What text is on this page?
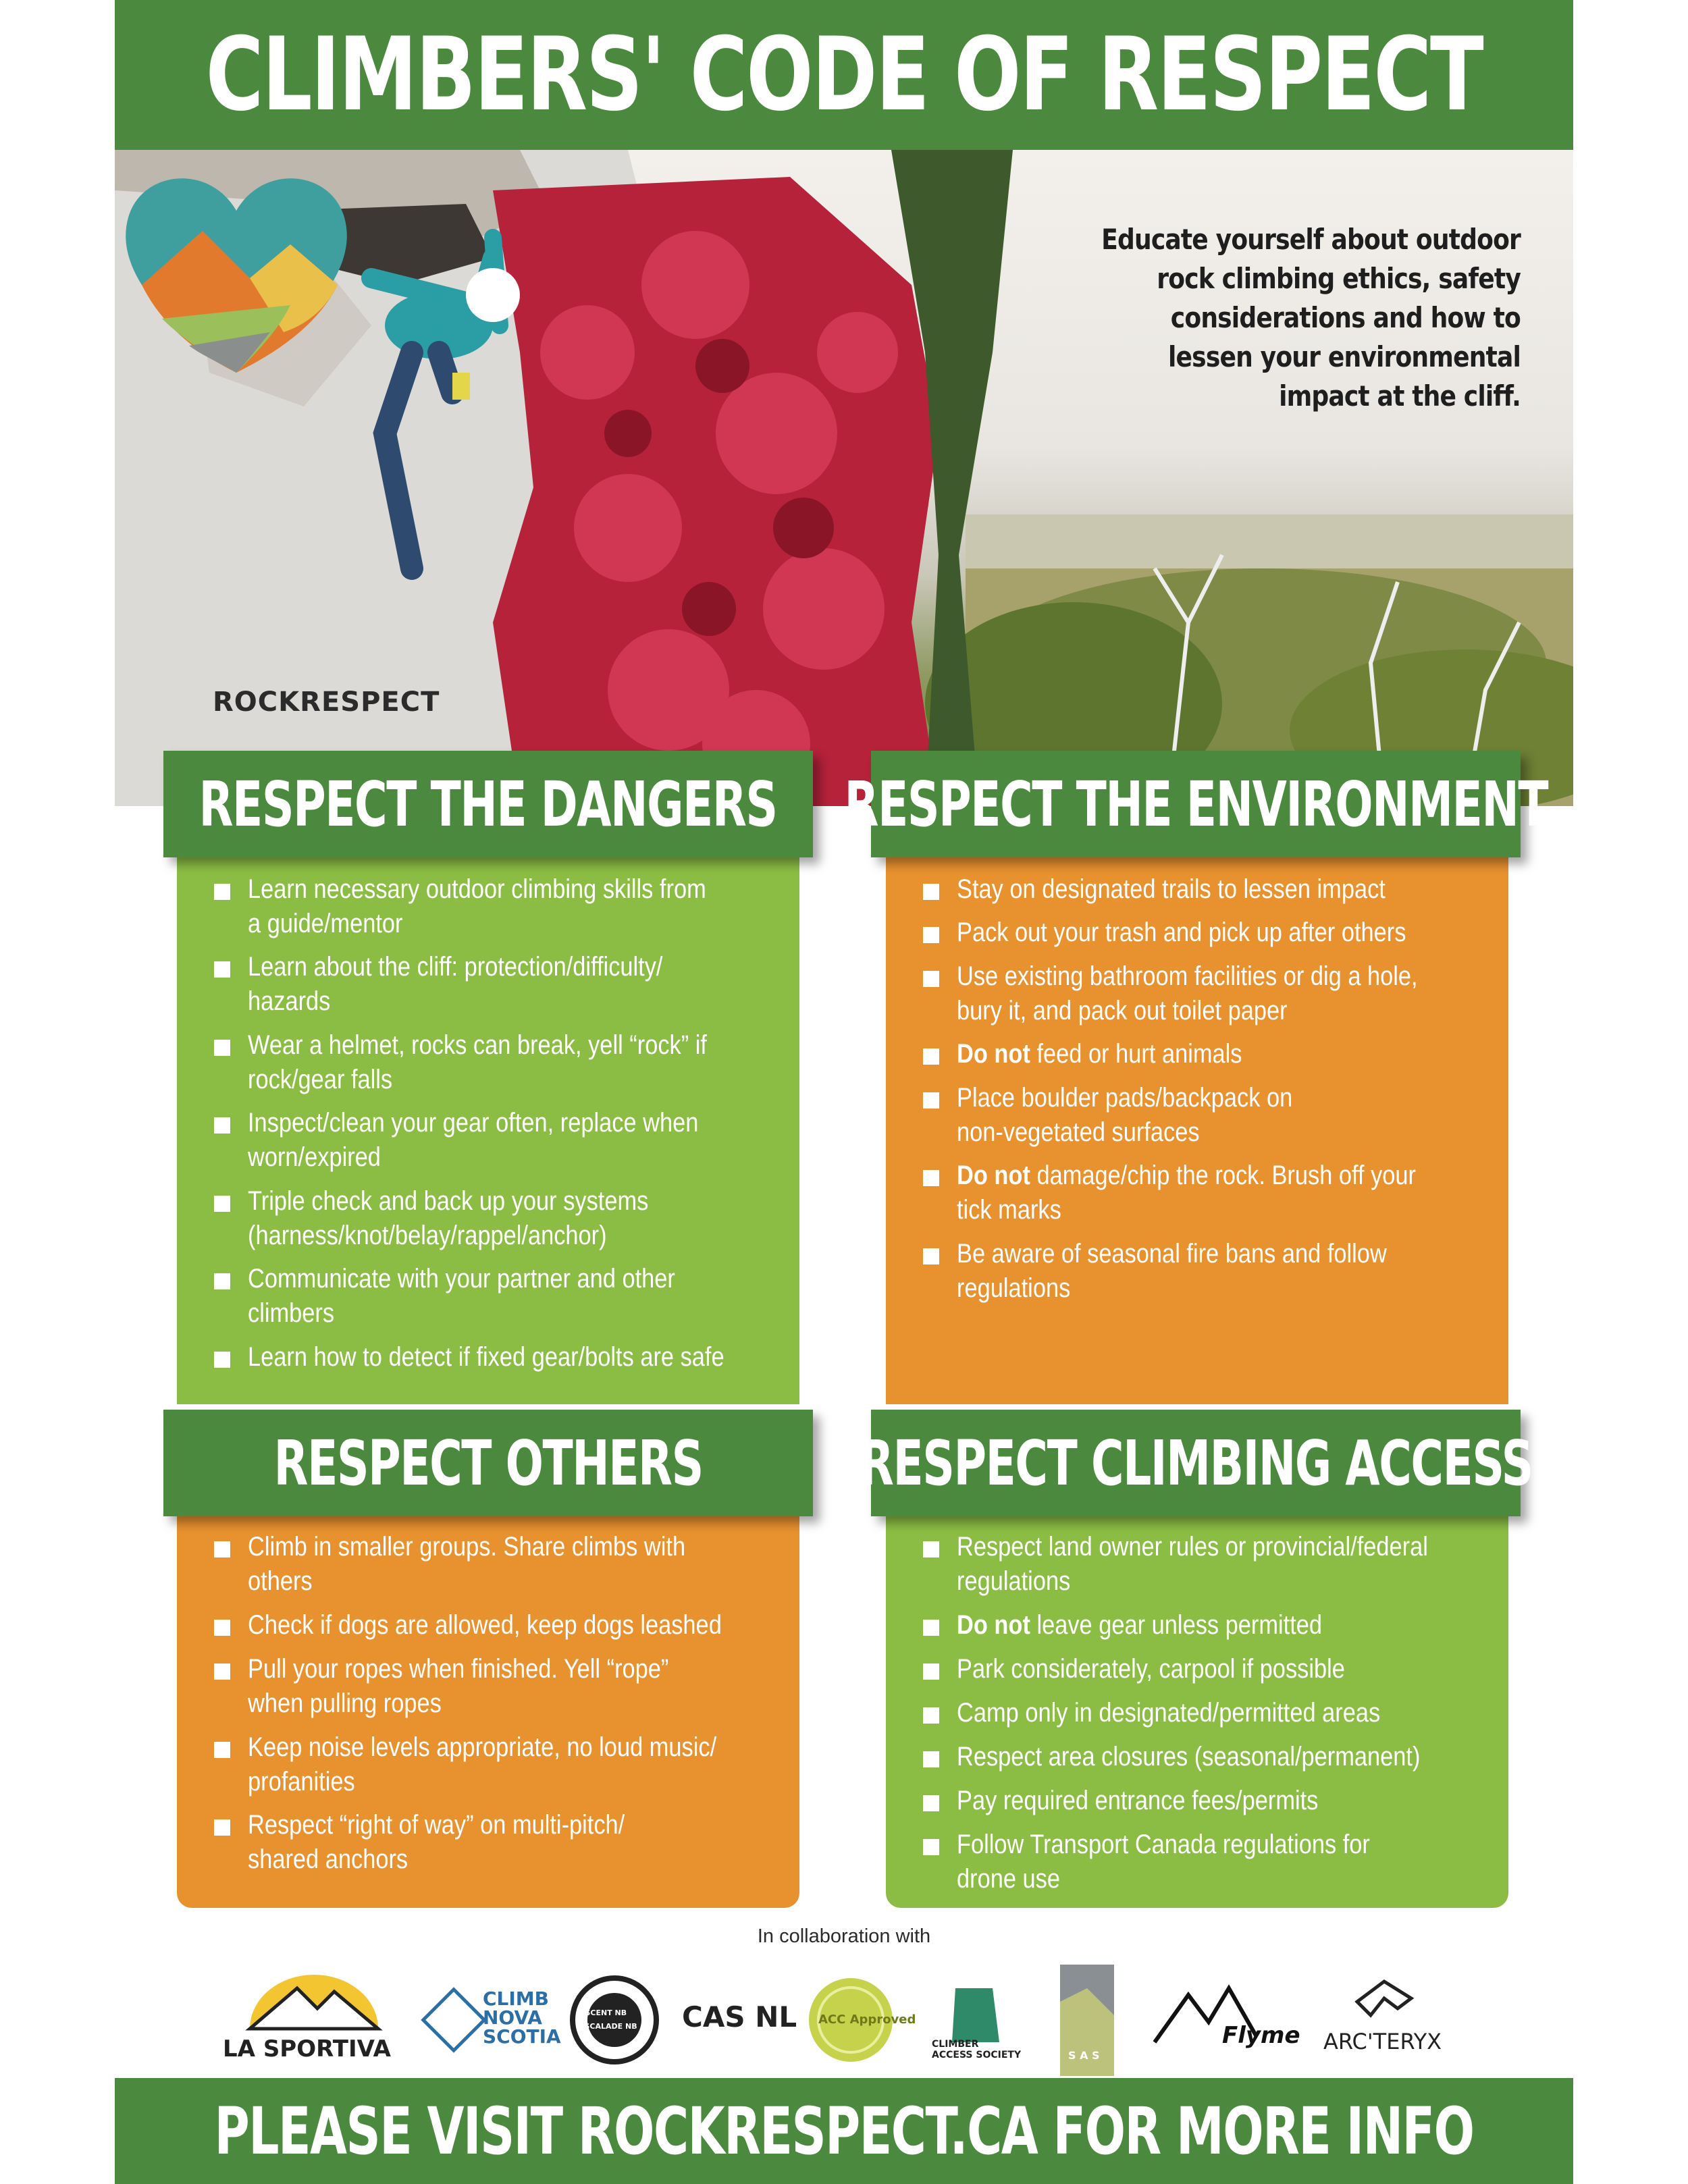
CLIMBERS' CODE OF RESPECT
Educate yourself about outdoor rock climbing ethics, safety considerations and how to lessen your environmental impact at the cliff.
ROCKRESPECT
RESPECT THE DANGERS
Learn necessary outdoor climbing skills from
a guide/mentor
Learn about the cliff: protection/difficulty/
hazards
Wear a helmet, rocks can break, yell “rock” if
rock/gear falls
Inspect/clean your gear often, replace when
worn/expired
Triple check and back up your systems
(harness/knot/belay/rappel/anchor)
Communicate with your partner and other
climbers
Learn how to detect if fixed gear/bolts are safe
RESPECT THE ENVIRONMENT
Stay on designated trails to lessen impact
Pack out your trash and pick up after others
Use existing bathroom facilities or dig a hole,
bury it, and pack out toilet paper
Do not feed or hurt animals
Place boulder pads/backpack on
non-vegetated surfaces
Do not damage/chip the rock. Brush off your
tick marks
Be aware of seasonal fire bans and follow
regulations
RESPECT OTHERS
Climb in smaller groups. Share climbs with
others
Check if dogs are allowed, keep dogs leashed
Pull your ropes when finished. Yell “rope”
when pulling ropes
Keep noise levels appropriate, no loud music/
profanities
Respect “right of way” on multi-pitch/
shared anchors
RESPECT CLIMBING ACCESS
Respect land owner rules or provincial/federal
regulations
Do not leave gear unless permitted
Park considerately, carpool if possible
Camp only in designated/permitted areas
Respect area closures (seasonal/permanent)
Pay required entrance fees/permits
Follow Transport Canada regulations for
drone use
In collaboration with
LA SPORTIVA
CLIMB
NOVA
SCOTIA
ASCENT NB
ESCALADE NB CAS NL ACC Approved
CLIMBER
ACCESS SOCIETY	S A S
Flyme ARC'TERYX
PLEASE VISIT ROCKRESPECT.CA FOR MORE INFO
